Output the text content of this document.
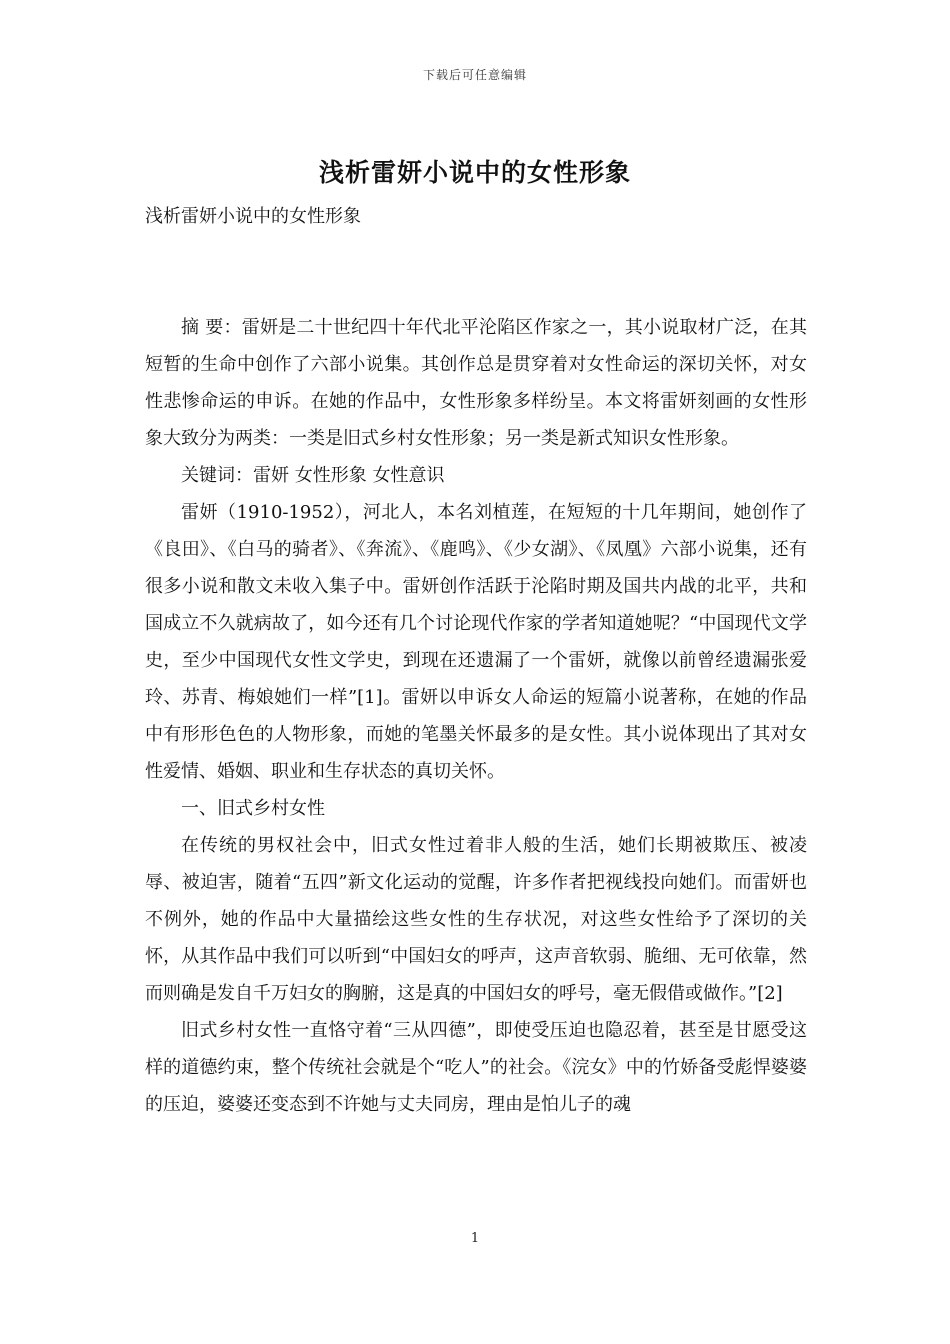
下载后可任意编辑
浅析雷妍小说中的女性形象

浅析雷妍小说中的女性形象

摘 要：雷妍是二十世纪四十年代北平沦陷区作家之一，其小说取材广泛，在其短暂的生命中创作了六部小说集。其创作总是贯穿着对女性命运的深切关怀，对女性悲惨命运的申诉。在她的作品中，女性形象多样纷呈。本文将雷妍刻画的女性形象大致分为两类：一类是旧式乡村女性形象；另一类是新式知识女性形象。

关键词：雷妍 女性形象 女性意识

雷妍（1910-1952），河北人，本名刘植莲，在短短的十几年期间，她创作了《良田》、《白马的骑者》、《奔流》、《鹿鸣》、《少女湖》、《凤凰》六部小说集，还有很多小说和散文未收入集子中。雷妍创作活跃于沦陷时期及国共内战的北平，共和国成立不久就病故了，如今还有几个讨论现代作家的学者知道她呢？“中国现代文学史，至少中国现代女性文学史，到现在还遗漏了一个雷妍，就像以前曾经遗漏张爱玲、苏青、梅娘她们一样”[1]。雷妍以申诉女人命运的短篇小说著称，在她的作品中有形形色色的人物形象，而她的笔墨关怀最多的是女性。其小说体现出了其对女性爱情、婚姻、职业和生存状态的真切关怀。

一、旧式乡村女性

在传统的男权社会中，旧式女性过着非人般的生活，她们长期被欺压、被凌辱、被迫害，随着“五四”新文化运动的觉醒，许多作者把视线投向她们。而雷妍也不例外，她的作品中大量描绘这些女性的生存状况，对这些女性给予了深切的关怀，从其作品中我们可以听到“中国妇女的呼声，这声音软弱、脆细、无可依靠，然而则确是发自千万妇女的胸腑，这是真的中国妇女的呼号，毫无假借或做作。”[2]

旧式乡村女性一直恪守着“三从四德”，即使受压迫也隐忍着，甚至是甘愿受这样的道德约束，整个传统社会就是个“吃人”的社会。《浣女》中的竹娇备受彪悍婆婆的压迫，婆婆还变态到不许她与丈夫同房，理由是怕儿子的魂

1
